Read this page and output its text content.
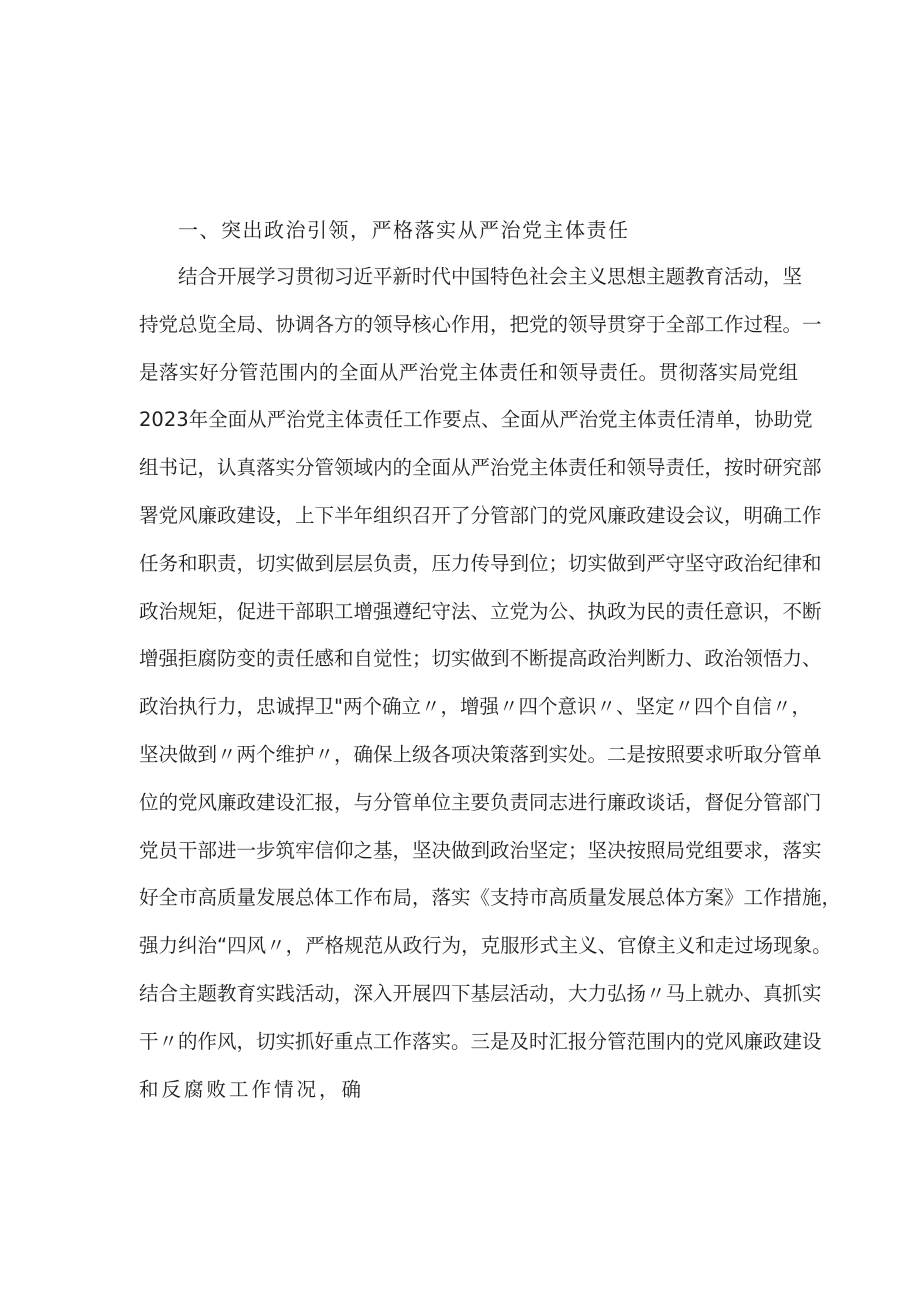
一、突出政治引领，严格落实从严治党主体责任
结合开展学习贯彻习近平新时代中国特色社会主义思想主题教育活动，坚
持党总览全局、协调各方的领导核心作用，把党的领导贯穿于全部工作过程。一
是落实好分管范围内的全面从严治党主体责任和领导责任。贯彻落实局党组
2023年全面从严治党主体责任工作要点、全面从严治党主体责任清单，协助党
组书记，认真落实分管领域内的全面从严治党主体责任和领导责任，按时研究部
署党风廉政建设，上下半年组织召开了分管部门的党风廉政建设会议，明确工作
任务和职责，切实做到层层负责，压力传导到位；切实做到严守坚守政治纪律和
政治规矩，促进干部职工增强遵纪守法、立党为公、执政为民的责任意识，不断
增强拒腐防变的责任感和自觉性；切实做到不断提高政治判断力、政治领悟力、
政治执行力，忠诚捍卫"两个确立〃，增强〃四个意识〃、坚定〃四个自信〃，
坚决做到〃两个维护〃，确保上级各项决策落到实处。二是按照要求听取分管单
位的党风廉政建设汇报，与分管单位主要负责同志进行廉政谈话，督促分管部门
党员干部进一步筑牢信仰之基，坚决做到政治坚定；坚决按照局党组要求，落实
好全市高质量发展总体工作布局，落实《支持市高质量发展总体方案》工作措施，
强力纠治“四风〃，严格规范从政行为，克服形式主义、官僚主义和走过场现象。
结合主题教育实践活动，深入开展四下基层活动，大力弘扬〃马上就办、真抓实
干〃的作风，切实抓好重点工作落实。三是及时汇报分管范围内的党风廉政建设
和反腐败工作情况，确
